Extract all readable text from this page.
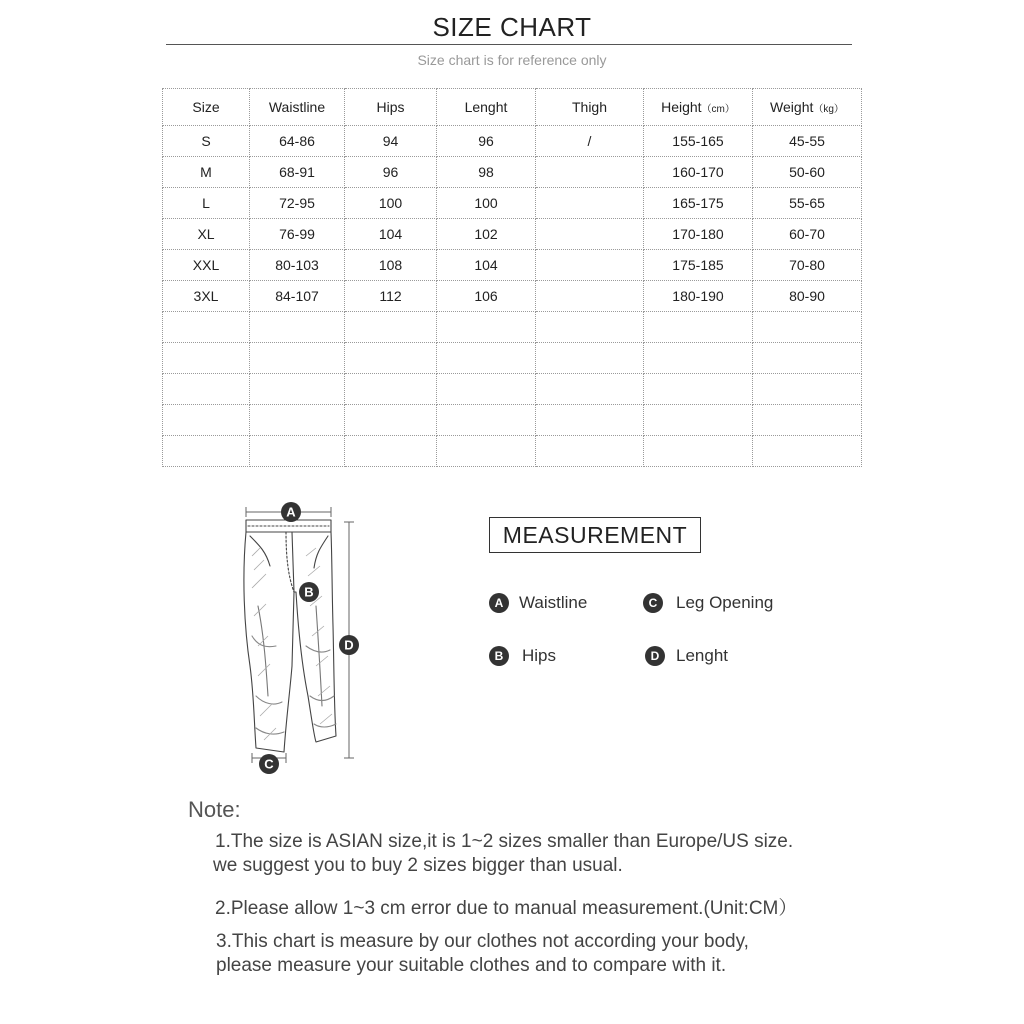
SIZE CHART
Size chart is for reference only
Size	Waistline	Hips	Lenght	Thigh	Height（cm）	Weight（kg）
S	64-86	94	96	/	155-165	45-55
M	68-91	96	98		160-170	50-60
L	72-95	100	100		165-175	55-65
XL	76-99	104	102		170-180	60-70
XXL	80-103	108	104		175-185	70-80
3XL	84-107	112	106		180-190	80-90

A
B
C
D
MEASUREMENT
A Waistline
B	Hips
C	Leg Opening
D Lenght
Note:
1.The size is ASIAN size,it is 1~2 sizes smaller than Europe/US size.
we suggest you to buy 2 sizes bigger than usual.
2.Please allow 1~3 cm error due to manual measurement.(Unit:CM）
3.This chart is measure by our clothes not according your body,
please measure your suitable clothes and to compare with it.
